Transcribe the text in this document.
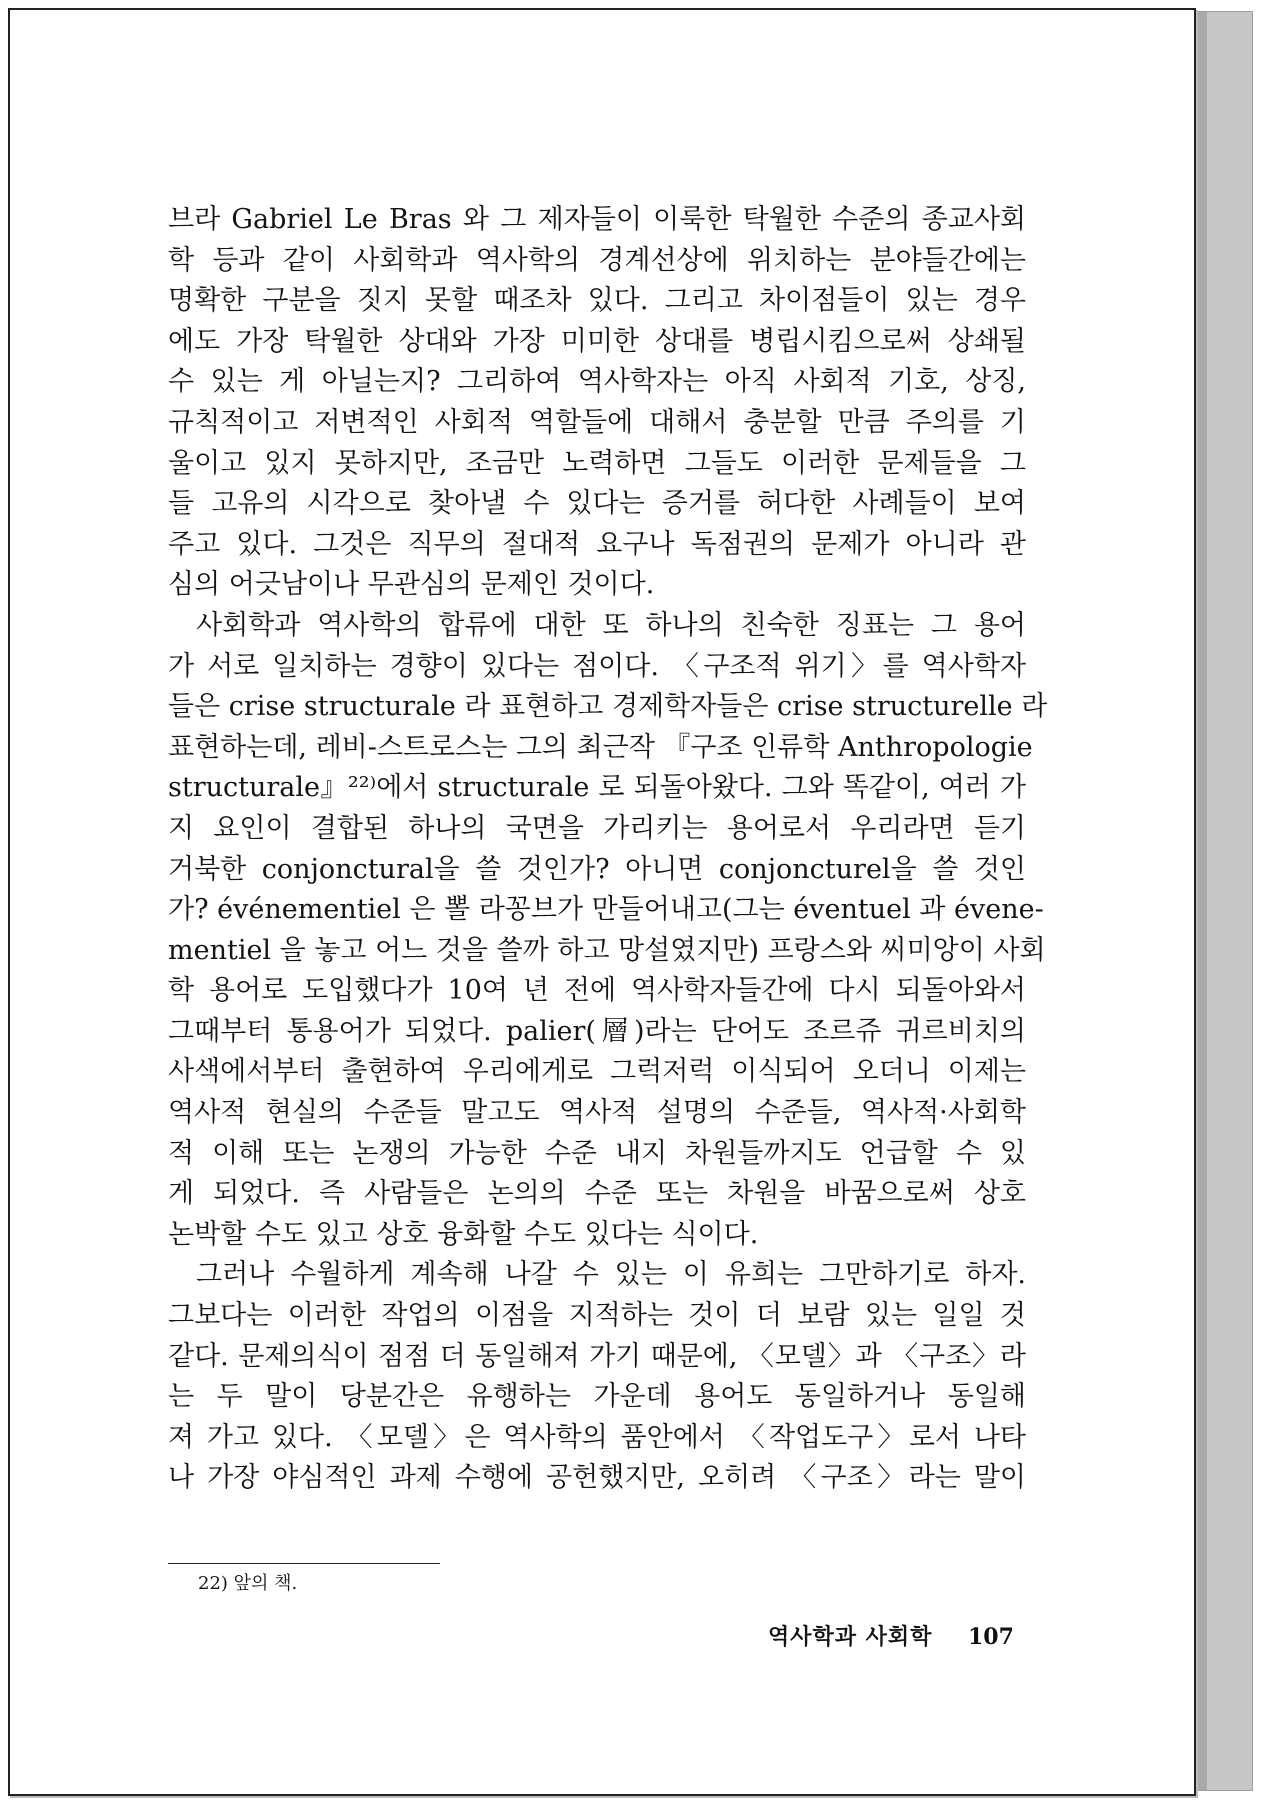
브라 Gabriel Le Bras 와 그 제자들이 이룩한 탁월한 수준의 종교사회
학 등과 같이 사회학과 역사학의 경계선상에 위치하는 분야들간에는
명확한 구분을 짓지 못할 때조차 있다. 그리고 차이점들이 있는 경우
에도 가장 탁월한 상대와 가장 미미한 상대를 병립시킴으로써 상쇄될
수 있는 게 아닐는지? 그리하여 역사학자는 아직 사회적 기호, 상징,
규칙적이고 저변적인 사회적 역할들에 대해서 충분할 만큼 주의를 기
울이고 있지 못하지만, 조금만 노력하면 그들도 이러한 문제들을 그
들 고유의 시각으로 찾아낼 수 있다는 증거를 허다한 사례들이 보여
주고 있다. 그것은 직무의 절대적 요구나 독점권의 문제가 아니라 관
심의 어긋남이나 무관심의 문제인 것이다.
사회학과 역사학의 합류에 대한 또 하나의 친숙한 징표는 그 용어
가 서로 일치하는 경향이 있다는 점이다. 〈구조적 위기〉를 역사학자
들은 crise structurale 라 표현하고 경제학자들은 crise structurelle 라
표현하는데, 레비-스트로스는 그의 최근작 『구조 인류학 Anthropologie
structurale』²²⁾에서 structurale 로 되돌아왔다. 그와 똑같이, 여러 가
지 요인이 결합된 하나의 국면을 가리키는 용어로서 우리라면 듣기
거북한 conjonctural을 쓸 것인가? 아니면 conjoncturel을 쓸 것인
가? événementiel 은 뽈 라꽁브가 만들어내고(그는 éventuel 과 évene-
mentiel 을 놓고 어느 것을 쓸까 하고 망설였지만) 프랑스와 씨미앙이 사회
학 용어로 도입했다가 10여 년 전에 역사학자들간에 다시 되돌아와서
그때부터 통용어가 되었다. palier(層)라는 단어도 조르쥬 귀르비치의
사색에서부터 출현하여 우리에게로 그럭저럭 이식되어 오더니 이제는
역사적 현실의 수준들 말고도 역사적 설명의 수준들, 역사적·사회학
적 이해 또는 논쟁의 가능한 수준 내지 차원들까지도 언급할 수 있
게 되었다. 즉 사람들은 논의의 수준 또는 차원을 바꿈으로써 상호
논박할 수도 있고 상호 융화할 수도 있다는 식이다.
그러나 수월하게 계속해 나갈 수 있는 이 유희는 그만하기로 하자.
그보다는 이러한 작업의 이점을 지적하는 것이 더 보람 있는 일일 것
같다. 문제의식이 점점 더 동일해져 가기 때문에, 〈모델〉과 〈구조〉라
는 두 말이 당분간은 유행하는 가운데 용어도 동일하거나 동일해
져 가고 있다. 〈모델〉은 역사학의 품안에서 〈작업도구〉로서 나타
나 가장 야심적인 과제 수행에 공헌했지만, 오히려 〈구조〉라는 말이
22) 앞의 책.
역사학과 사회학 107
